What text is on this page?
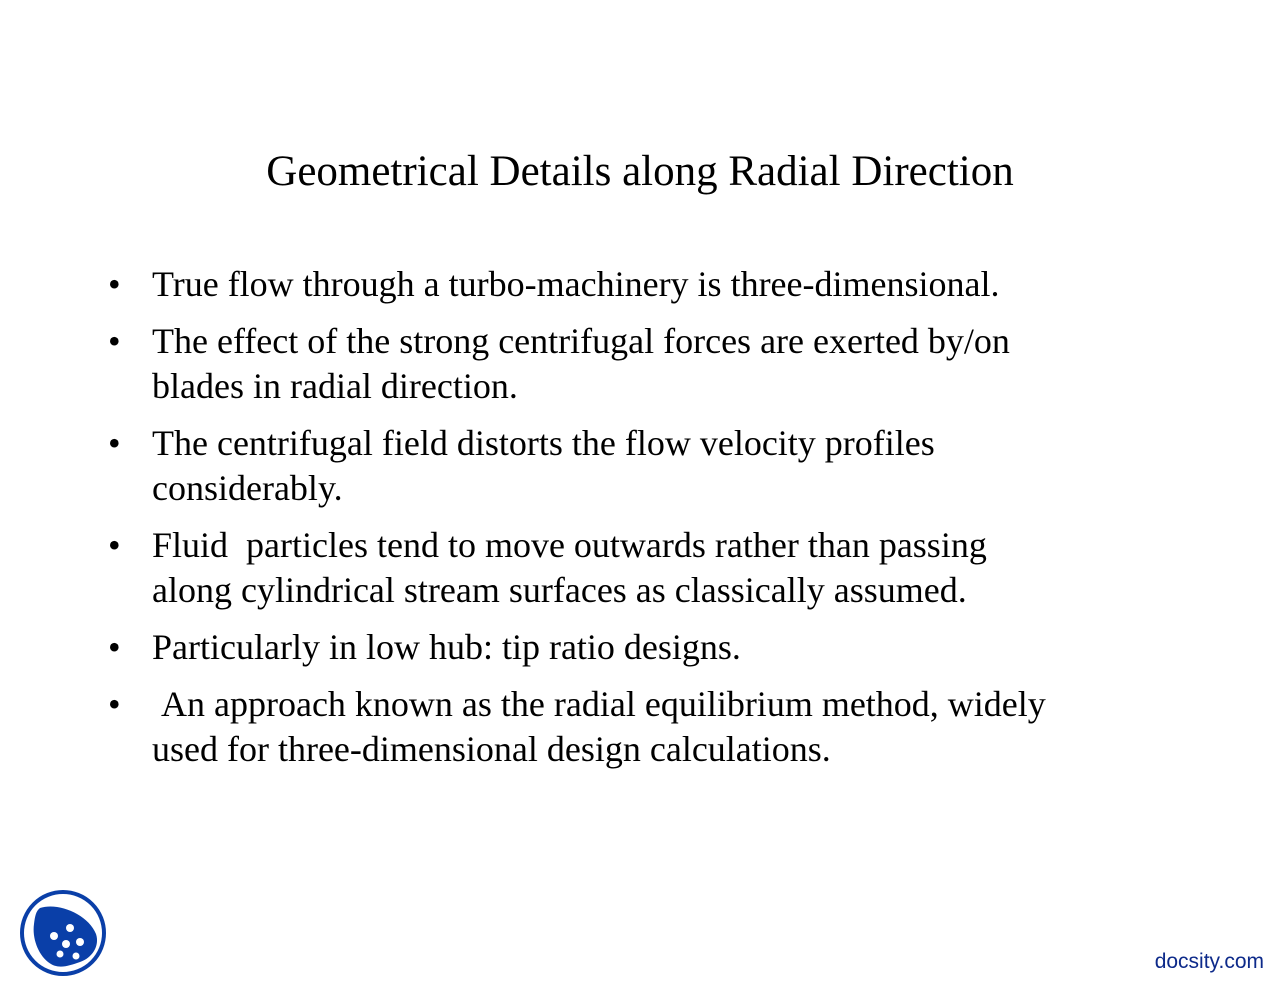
Geometrical Details along Radial Direction
• True flow through a turbo-machinery is three-dimensional.
• The effect of the strong centrifugal forces are exerted by/on
blades in radial direction.
• The centrifugal field distorts the flow velocity profiles
considerably.
• Fluid  particles tend to move outwards rather than passing
along cylindrical stream surfaces as classically assumed.
• Particularly in low hub: tip ratio designs.
• An approach known as the radial equilibrium method, widely
used for three-dimensional design calculations.
docsity.com
